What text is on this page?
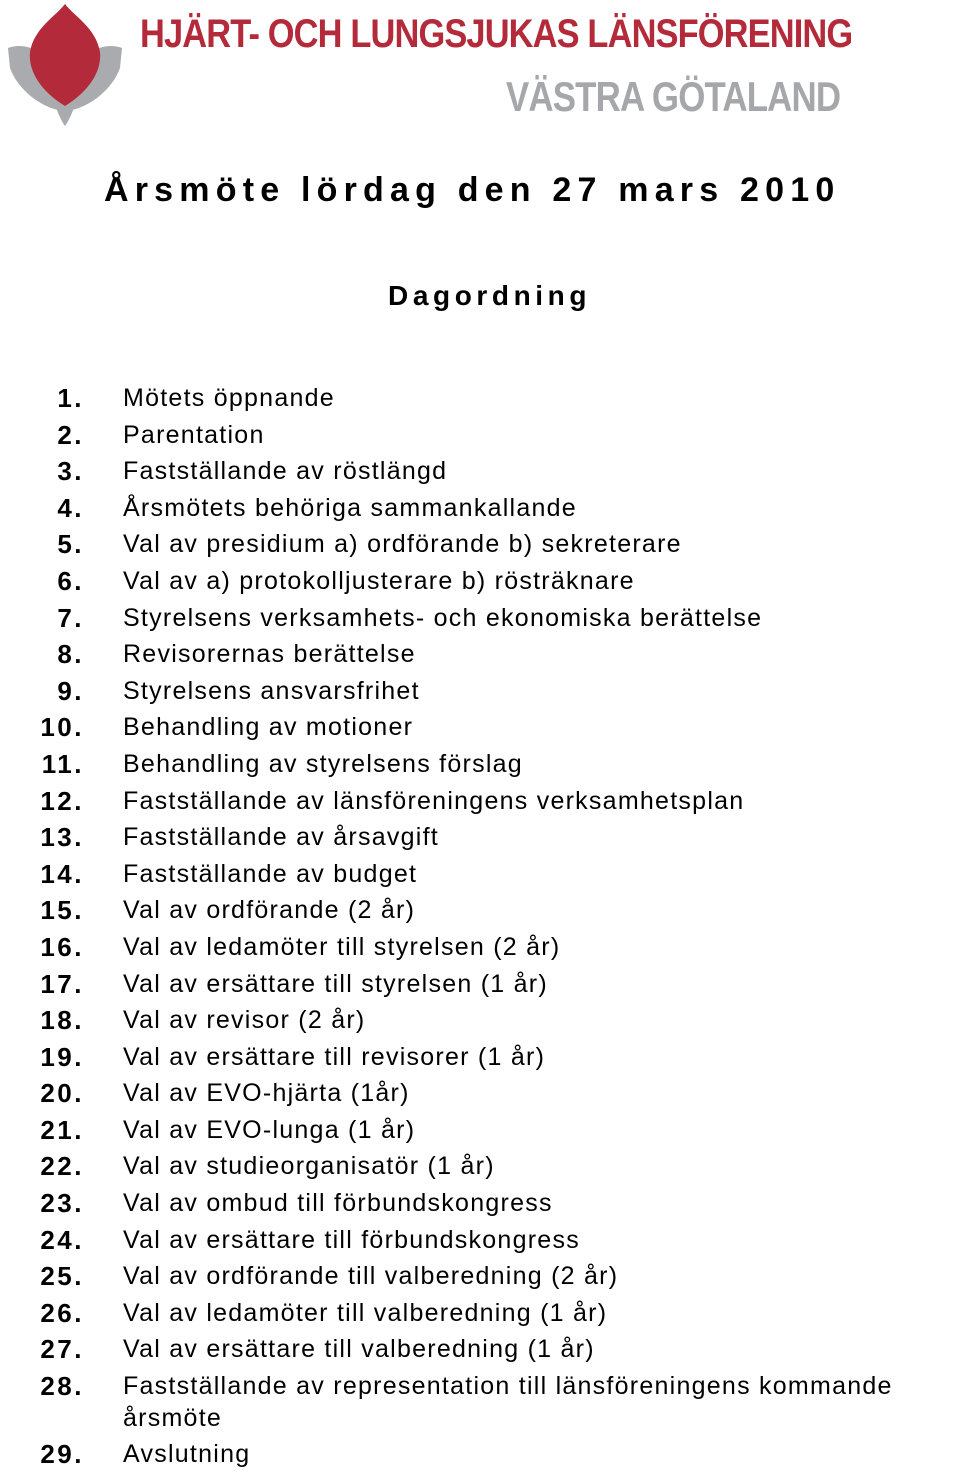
HJÄRT- OCH LUNGSJUKAS LÄNSFÖRENING
VÄSTRA GÖTALAND
Årsmöte lördag den 27 mars 2010
Dagordning
1. Mötets öppnande
2. Parentation
3. Fastställande av röstlängd
4. Årsmötets behöriga sammankallande
5. Val av presidium a) ordförande b) sekreterare
6. Val av a) protokolljusterare b) rösträknare
7. Styrelsens verksamhets- och ekonomiska berättelse
8. Revisorernas berättelse
9. Styrelsens ansvarsfrihet
10. Behandling av motioner
11. Behandling av styrelsens förslag
12. Fastställande av länsföreningens verksamhetsplan
13. Fastställande av årsavgift
14. Fastställande av budget
15. Val av ordförande (2 år)
16. Val av ledamöter till styrelsen (2 år)
17. Val av ersättare till styrelsen (1 år)
18. Val av revisor (2 år)
19. Val av ersättare till revisorer (1 år)
20. Val av EVO-hjärta (1år)
21. Val av EVO-lunga (1 år)
22. Val av studieorganisatör (1 år)
23. Val av ombud till förbundskongress
24. Val av ersättare till förbundskongress
25. Val av ordförande till valberedning (2 år)
26. Val av ledamöter till valberedning (1 år)
27. Val av ersättare till valberedning (1 år)
28. Fastställande av representation till länsföreningens kommande årsmöte
29. Avslutning
